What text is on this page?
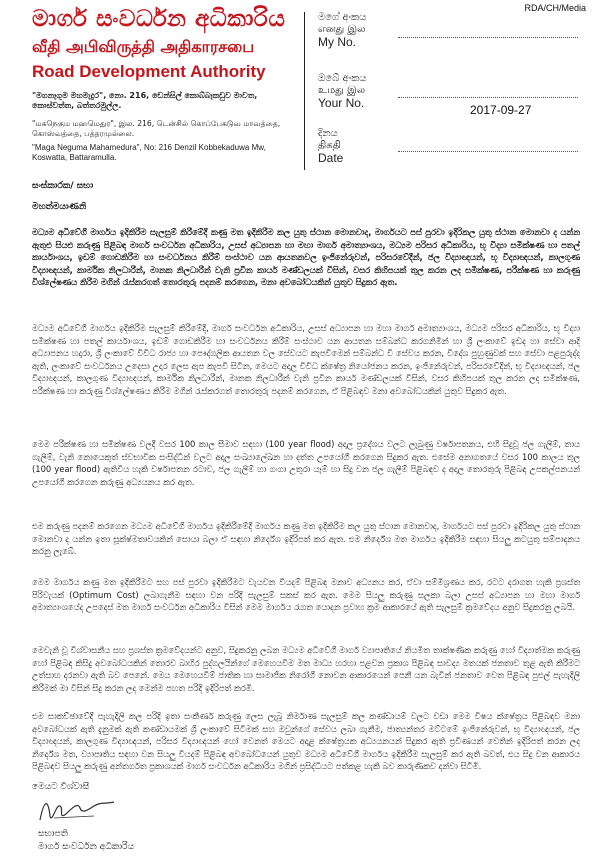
RDA/CH/Media
මාර්ග සංවර්ධන අධිකාරිය
வீதி அபிவிருத்தி அதிகாரசபை
Road Development Authority
"මගනෑගුම මහමැදුර", නො. 216, ඩෙන්සිල් කොබ්බෑකඩුව මාවත, කොස්වත්ත, බත්තරමුල්ල.
"மகநெகும மஹமெதுர", இல. 216, டென்சில் கொப்பேகடுவ மாவத்தை, கொஸ்வத்தை, பத்தரமுல்லை.
"Maga Neguma Mahamedura", No: 216 Denzil Kobbekaduwa Mw, Koswatta, Battaramulla.
මගේ අංකය
எனது இல
My No.
ඔබේ අංකය
உமது இல
Your No.
දිනය
திகதி
Date
2017-09-27
සංස්කාරක/ සභා
මහත්මයාණනි
මධ්‍යම අධිවේගී මාර්ගය ඉදිකිරීම සැලසුම් කිරීමේදී කණු මත ඉදිකිරීම කල යුතු ස්ථාන මොනවාද, මාර්ගයට පස් පුරවා ඉදිරිකල යුතු ස්ථාන මොනවා ද යන්න ඇතුළු සියළු කරුණු පිළිබඳ මාර්ග සංවර්ධන අධිකාරිය, උසස් අධ්‍යාපන හා මහා මාර්ග අමාත්‍යාංශය, මධ්‍යම පරිසර අධිකාරිය, භූ විද්‍යා සමීක්ෂණ හා පතල් කාර්යාංශය, ඉඩම් ගොඩකිරීම හා සංවර්ධනය කිරීම් සංස්ථාව යන ආයතනවල ඉංජිනේරුවන්, පරිසරවේදීන්, ජල විද්‍යාඥයන්, භූ විද්‍යාඥයන්, කාලගුණ විද්‍යාඥයන්, කාර්මික නිලධාරීන්, මානක නිලධාරීන් වැනි ප්‍රවීන කාර්ය මණ්ඩලයක් විසින්, වසර කිහිපයක් තුල කරන ලද සමීක්ෂණ, පරීක්ෂණ හා කරුණු විශ්ලේෂණය කිරීම මගින් රැස්කරගත් තොරතුරු පදනම් කරගෙන, මනා අවබෝධයකින් යුතුව සිදුකර ඇත.
මධ්‍යම අධිවේගී මාර්ගය ඉදිකිරීම සැලසුම් කිරීමේදී, මාර්ග සංවර්ධන අධිකාරිය, උසස් අධ්‍යාපන හා මහා මාර්ග අමාත්‍යාංශය, මධ්‍යම පරිසර අධිකාරිය, භූ විද්‍යා සමීක්ෂණ හා පතල් කාර්යාංශය, ඉඩම් ගොඩකිරීම හා සංවර්ධනය කිරීම් සංස්ථාව යන ආයතන සම්බන්ධ කරගනිමින් හා ශ්‍රී ලංකාවේ ඉඩද හා සේවා ආදි අධ්‍යාපනය හදාරා, ශ්‍රී ලංකාවේ විවිධ රාජ්‍ය හා පෞද්ගලික ආයතන වල සේවයට කැපවීමෙන් සම්බන්ධ වී සේවය කරන, විදේශ පුහුණුවක් සහ සේවා පළපුරුද්ද ඇති, ලංකාවේ සංවර්ධනය උදෙසා උදාර ලෙස ඇප කැපවී සිටින, මෙයට අදාල විවිධ ක්ෂේත්‍ර නියෝජනය කරන, ඉංජිනේරුවන්, පරිසරවේදීන්, භූ විද්‍යාඥයන්, ජල විද්‍යාඥයන්, කාලගුණ විද්‍යාඥයන්, කාර්මික නිලධාරීන්, මානක නිලධාරීන් වැනි ප්‍රවීන කාර්ය මණ්ඩලයක් විසින්, වසර කිහිපයක් තුල කරන ලද සමීක්ෂණ, පරීක්ෂණ හා කරුණු විශ්ලේෂණය කිරීම මගින් රැස්කරගත් තොරතුරු පදනම් කරගෙන, ඒ පිළිබඳව මනා අවබෝධයකින් යුතුව සිදුකර ඇත.
මෙම පරීක්ෂණ හා සමීක්ෂණ වලදී වසර 100 කාල සීමාව සඳහා (100 year flood) අදාල ප්‍රදේශය වලට ලැබුණු වර්ෂාපතනය, එහි සිදුවූ ජල ගැලීම්, තාය ගැලීම්, වැනි නොයෙකුත් ස්වභාවික සංසිද්ධීන් වලට අදාල සංඛ්‍යාලේඛන හා දත්ත උපයෝගී කරගෙන සිදුකර ඇත. එසේම අනාගතයේ වසර 100 කාලය තුල (100 year flood) ඇතිවිය හැකි වර්ෂාපතන රටාව, ජල ගැලීම් හා ගංගා උතුරා යෑම් හා සිදු වන ජල ගැලීම් පිළිබඳව ද අදාල තොරතුරු පිළිබඳ උපකල්පනයන් උපයෝගී කරගෙන කරුණු අධ්‍යයනය කර ඇත.
එම කරුණු පදනම් කරගෙන මධ්‍යම අධිවේගී මාර්ගය ඉදිකිරීමේදී මාර්ගය කණු මත ඉදිකිරීම කල යුතු ස්ථාන මොනවාද, මාර්ගයට පස් පුරවා ඉදිරිකල යුතු ස්ථාන මොනවා ද යන්න ඉතා සූක්ෂ්මතාවයකින් සොයා බලා ඒ සඳහා නිර්දේශ ඉදිරිපත් කර ඇත. එම නිර්දේශ මත මාර්ගය ඉදිකිරීම සඳහා සියලු කටයුතු සම්පාදනය කරනු ලැබේ.
මෙම මාර්ගය කණු මත ඉදිකිරීමට සහ පස් පුරවා ඉදිකිරීමට වැයවන වියදම් පිළිබඳ මනාව අධ්‍යනය කර, ඒවා සම්මිශ්‍රණය කර, රටට දරාගත හැකි ප්‍රශස්ත පිරිවැයක් (Optimum Cost) ලබාගැනීම සඳහා වන පරිදි සැලසුම් සකස් කර ඇත. මෙම සියලු කරුණු සලකා බලා උසස් අධ්‍යාපන හා මහා මාර්ග අමාත්‍යාංශයේද උපදෙස් මත මාර්ග සංවර්ධන අධිකාරිය විසින් මෙම මාර්ගය රැගත යොදන ප්‍රවාහ ක්‍රම ආකාරයේ ඇති සැලසුම් ක්‍රමවේදය අනුව සිදුකරනු ලබයි.
මෙවැනි වූ විශ්වාසනීය සහ ප්‍රශස්ත ක්‍රමවේදයන්ට අනුව, සිදුකරනු ලබන මධ්‍යම අධිවේගී මාර්ග ව්‍යාපෘතියේ නියමිත තාක්ෂණික කරුණු හෝ විද්‍යාත්මක කරුණු හෝ පිළිබඳ කිසිදු අවබෝධයකින් තොරව බාහිර පුද්ගලයින්ගේ මෙහෙයවීම මත මාධ්‍ය හරහා පළවන ප්‍රකාශ පිළිබඳ සාවද්‍ය මතයක් ජනතාව තුළ ඇති කිරීමට උත්සාහ දරනවා ඇති බව පෙනේ. මෙය මෙහෙයවීම් ජාතික හා සාමාජික නිරෝගී නොවන ආකාරයෙන් පෙනී යන බැවින් ජනතාව වෙත පිළිබඳ පුළුල් පැහැදිලි කිරීමක් මා විසින් සිදු කරන ලද මෙන්ම පහත පරිදි ඉදිරිපත් කරමි.
එම සාකච්ඡාවේදී පැහැදිලි කල පරිදි ඉතා සංකීර්ණ කරුණු ලෙස ලැබූ නිර්මාණ සැලසුම් කල කණ්ඩායම් වලට වඩා මෙම විෂය ක්ෂේත්‍රය පිළිබඳව මනා අවබෝධයක් ඇති දැනුමක් ඇති කණ්ඩායමක් ශ්‍රී ලංකාවේ සිටීමක් සහ ඔවුන්ගේ සේවය ලබා ගැනීම, ජාත්‍යන්තර මට්ටමේ ඉංජිනේරුවන්, භූ විද්‍යාඥයන්, ජල විද්‍යාඥයන්, කාලගුණ විද්‍යාඥයන්, පරිසර විද්‍යාඥයන් හෝ වෙනත් මෙයට අදාළ ක්ෂේත්‍රයක අධ්‍යයනයන් සිදුකර ඇති ප්‍රවීණයන් වෙතින් ඉදිරිපත් කරන ලද නිර්දේශ මත, ව්‍යාපෘතිය සඳහා වන සියලු වියදම් පිළිබඳ අවබෝධයෙන් යුතුව මධ්‍යම අධිවේගී මාර්ගය ඉදිකිරීම සැලසුම් කර ඇති බවත්, එය සිදු වන ආකාරය පිළිබඳව සියලු කරුණු අන්තර්ගත ප්‍රකාශයක් මාර්ග සංවර්ධන අධිකාරිය මගින් ප්‍රසිද්ධියට පත්කළ හැකි බව කාරුණිකව දන්වා සිටිමි.
මෙයට විශ්වාසී
සභාපති
මාර්ග සංවර්ධන අධිකාරිය
